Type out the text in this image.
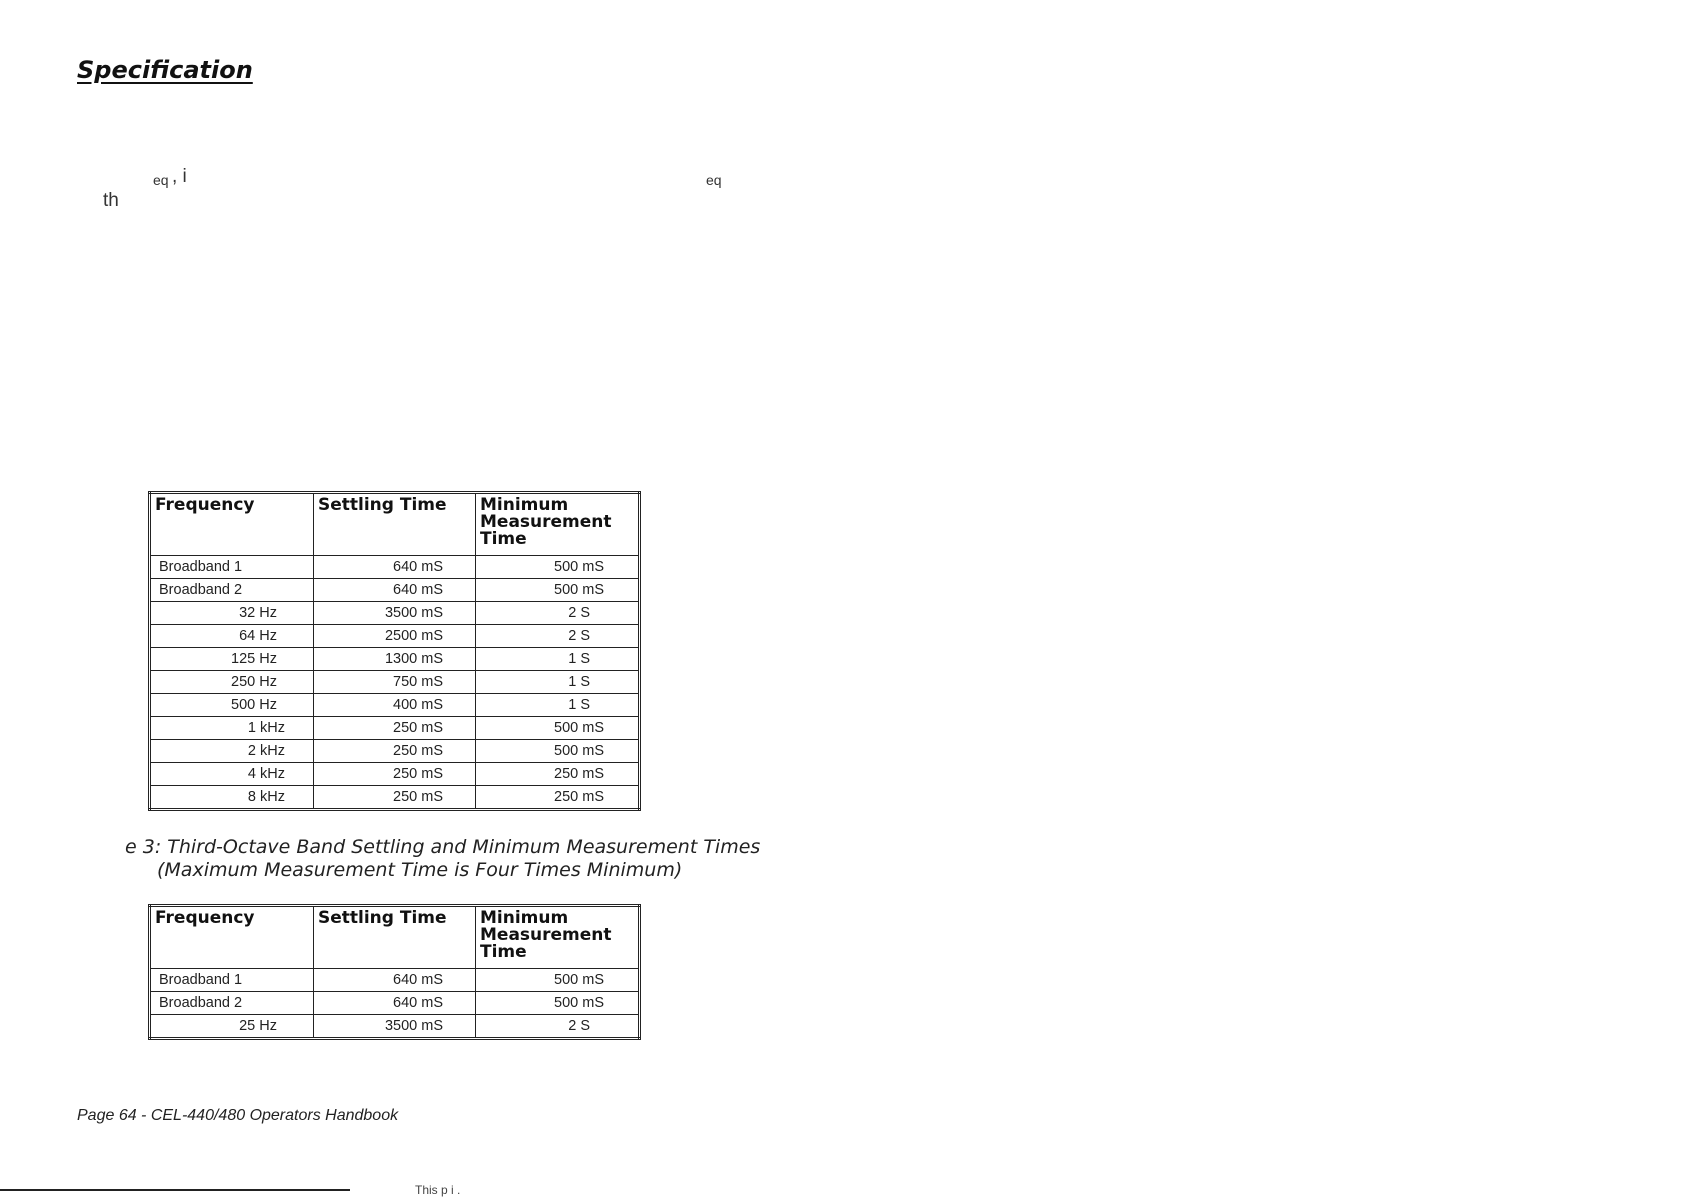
Specification
eq , i	eq
th
Frequency	Settling Time	Minimum Measurement Time
Broadband 1	640 mS	500 mS
Broadband 2	640 mS	500 mS
32 Hz	3500 mS	2 S
64 Hz	2500 mS	2 S
125 Hz	1300 mS	1 S
250 Hz	750 mS	1 S
500 Hz	400 mS	1 S
1 kHz	250 mS	500 mS
2 kHz	250 mS	500 mS
4 kHz	250 mS	250 mS
8 kHz	250 mS	250 mS
e 3: Third-Octave Band Settling and Minimum Measurement Times
(Maximum Measurement Time is Four Times Minimum)
Frequency	Settling Time	Minimum Measurement Time
Broadband 1	640 mS	500 mS
Broadband 2	640 mS	500 mS
25 Hz	3500 mS	2 S
Page 64 - CEL-440/480 Operators Handbook
This p i .
